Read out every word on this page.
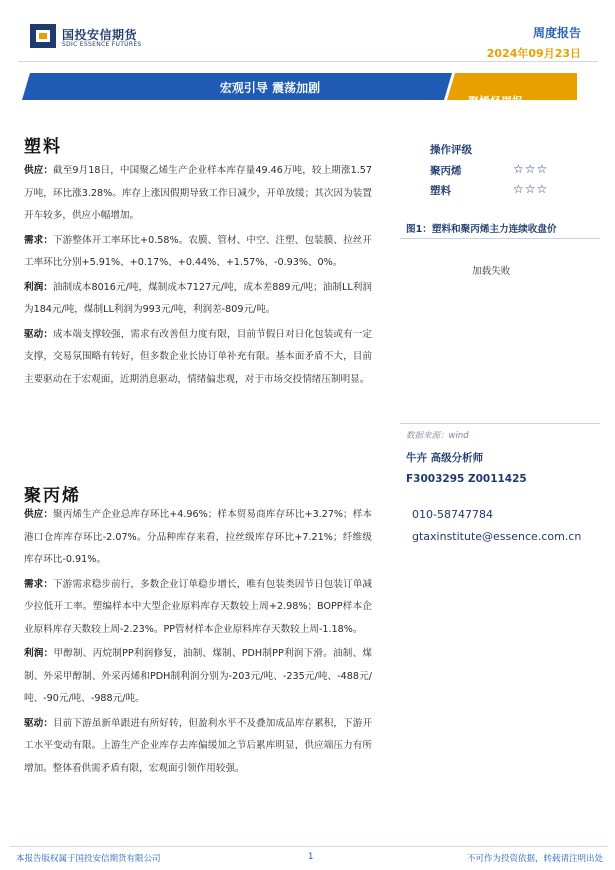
国投安信期货
SDIC ESSENCE FUTURES
周度报告
2024年09月23日
宏观引导 震荡加剧
聚烯烃周报
塑料

供应：截至9月18日，中国聚乙烯生产企业样本库存量49.46万吨，较上期涨1.57万吨，环比涨3.28%。库存上涨因假期导致工作日减少，开单放缓；其次因为装置开车较多，供应小幅增加。

需求：下游整体开工率环比+0.58%。农膜、管材、中空、注塑、包装膜、拉丝开工率环比分别+5.91%、+0.17%、+0.44%、+1.57%、-0.93%、0%。

利润：油制成本8016元/吨，煤制成本7127元/吨，成本差889元/吨；油制LL利润为184元/吨，煤制LL利润为993元/吨，利润差-809元/吨。

驱动：成本端支撑较强，需求有改善但力度有限，目前节假日对日化包装或有一定支撑，交易氛围略有转好，但多数企业长协订单补充有限。基本面矛盾不大，目前主要驱动在于宏观面，近期消息驱动，情绪偏悲观，对于市场交投情绪压制明显。

聚丙烯

供应：聚丙烯生产企业总库存环比+4.96%；样本贸易商库存环比+3.27%；样本港口仓库库存环比-2.07%。分品种库存来看，拉丝级库存环比+7.21%；纤维级库存环比-0.91%。

需求：下游需求稳步前行，多数企业订单稳步增长，唯有包装类因节日包装订单减少拉低开工率。塑编样本中大型企业原料库存天数较上周+2.98%；BOPP样本企业原料库存天数较上周-2.23%。PP管材样本企业原料库存天数较上周-1.18%。

利润：甲醇制、丙烷制PP利润修复，油制、煤制、PDH制PP利润下滑。油制、煤制、外采甲醇制、外采丙烯和PDH制利润分别为-203元/吨、-235元/吨、-488元/吨、-90元/吨、-988元/吨。

驱动：目前下游虽新单跟进有所好转，但盈利水平不及叠加成品库存累积，下游开工水平变动有限。上游生产企业库存去库偏缓加之节后累库明显，供应端压力有所增加。整体看供需矛盾有限，宏观面引领作用较强。

操作评级
聚丙烯	☆☆☆
塑料	☆☆☆
图1：塑料和聚丙烯主力连续收盘价
加载失败
数据来源：wind
牛卉 高级分析师
F3003295 Z0011425
010-58747784
gtaxinstitute@essence.com.cn
本报告版权属于国投安信期货有限公司	1	不可作为投资依据，转载请注明出处
